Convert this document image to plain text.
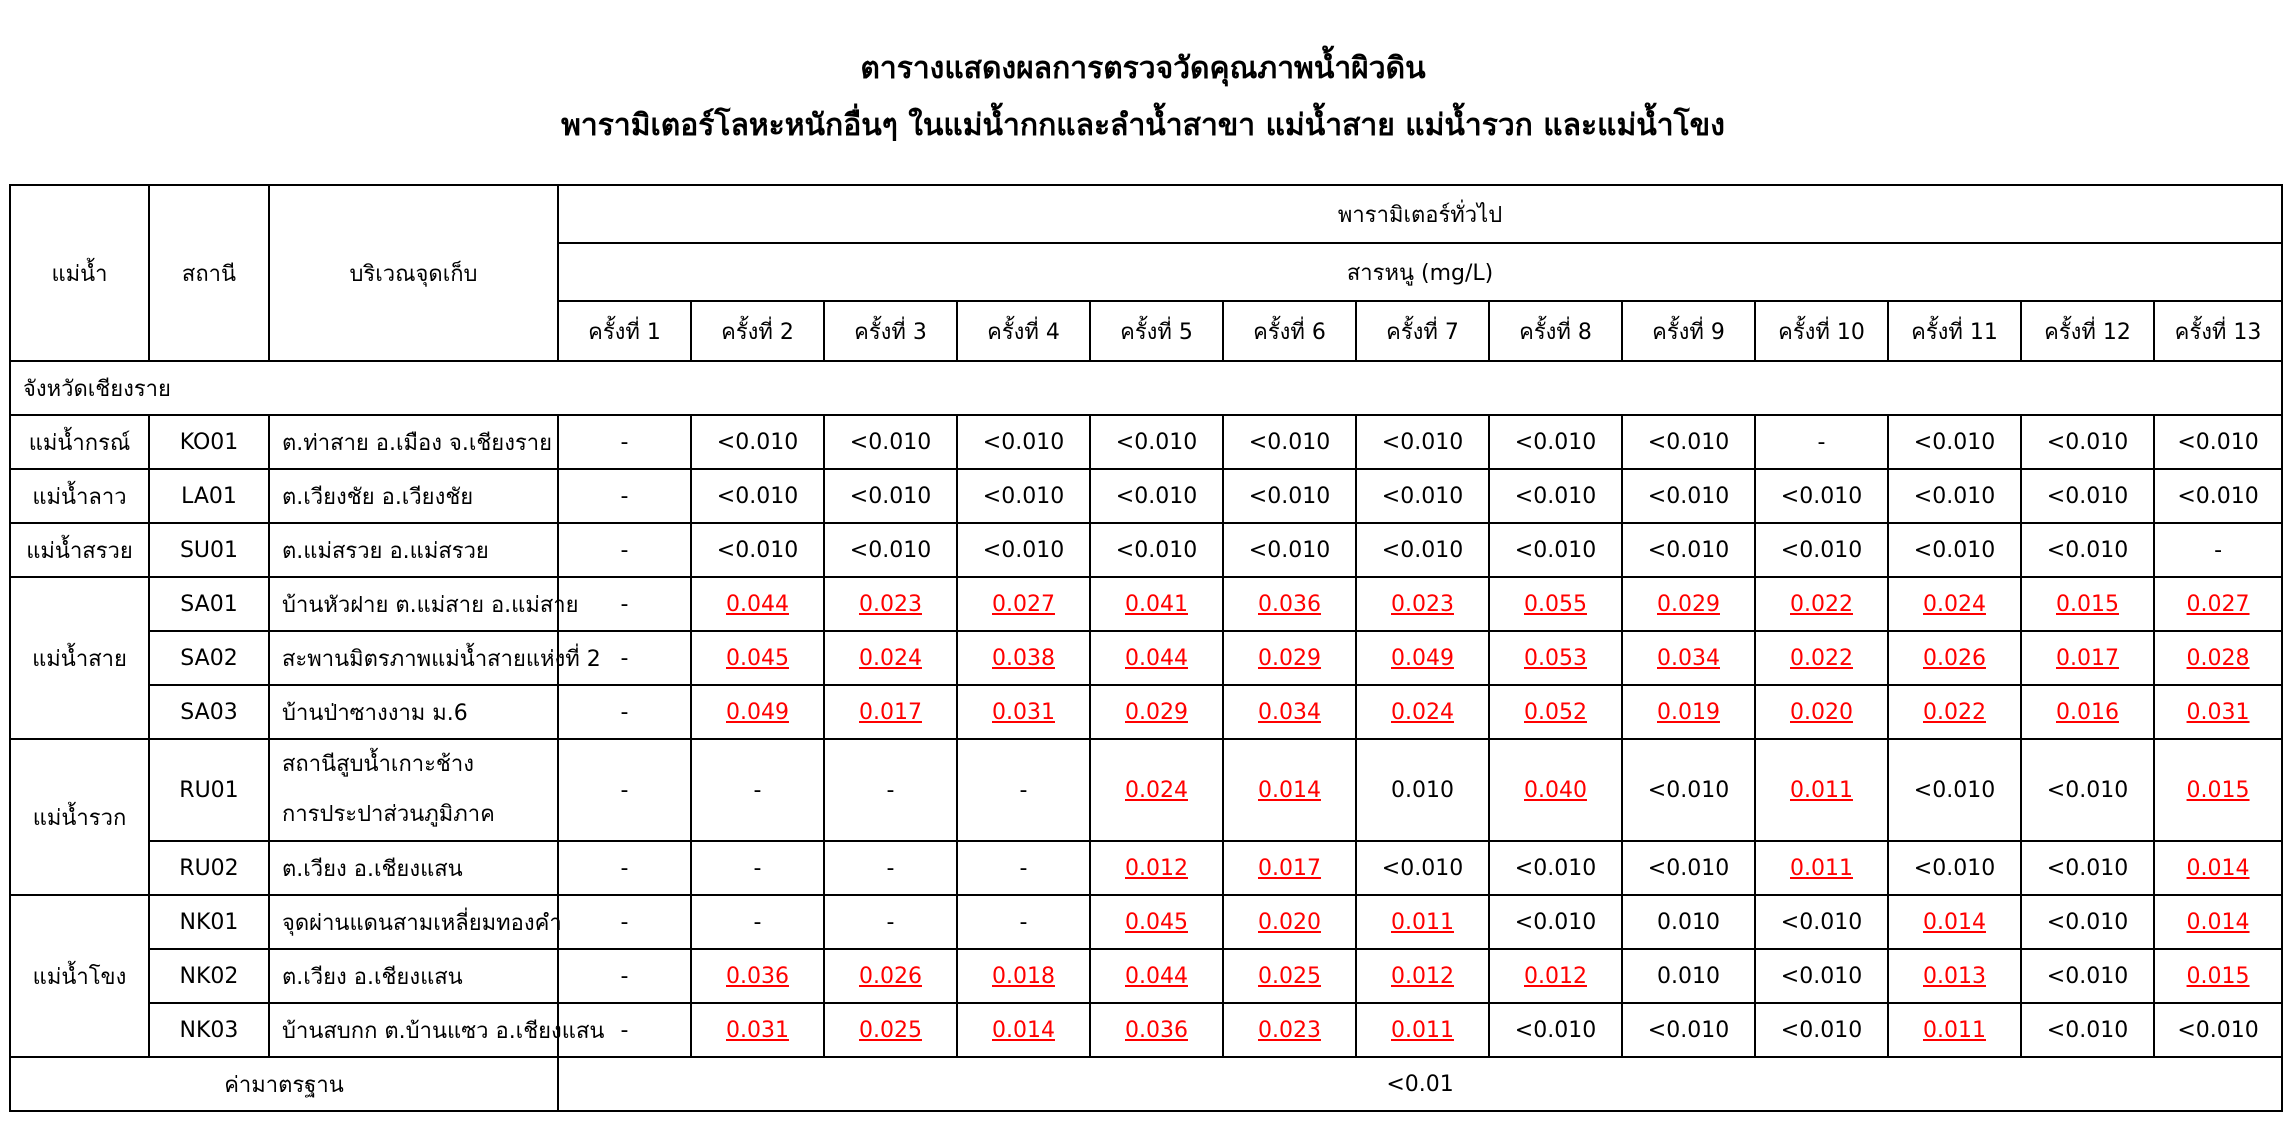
ตารางแสดงผลการตรวจวัดคุณภาพน้ำผิวดิน
พารามิเตอร์โลหะหนักอื่นๆ ในแม่น้ำกกและลำน้ำสาขา แม่น้ำสาย แม่น้ำรวก และแม่น้ำโขง
แม่น้ำ	สถานี	บริเวณจุดเก็บ	พารามิเตอร์ทั่วไป												
			สารหนู (mg/L)												
			ครั้งที่ 1	ครั้งที่ 2	ครั้งที่ 3	ครั้งที่ 4	ครั้งที่ 5	ครั้งที่ 6	ครั้งที่ 7	ครั้งที่ 8	ครั้งที่ 9	ครั้งที่ 10	ครั้งที่ 11	ครั้งที่ 12	ครั้งที่ 13
จังหวัดเชียงราย															
แม่น้ำกรณ์	KO01	ต.ท่าสาย อ.เมือง จ.เชียงราย	-	<0.010	<0.010	<0.010	<0.010	<0.010	<0.010	<0.010	<0.010	-	<0.010	<0.010	<0.010
แม่น้ำลาว	LA01	ต.เวียงชัย อ.เวียงชัย	-	<0.010	<0.010	<0.010	<0.010	<0.010	<0.010	<0.010	<0.010	<0.010	<0.010	<0.010	<0.010
แม่น้ำสรวย	SU01	ต.แม่สรวย อ.แม่สรวย	-	<0.010	<0.010	<0.010	<0.010	<0.010	<0.010	<0.010	<0.010	<0.010	<0.010	<0.010	-
แม่น้ำสาย	SA01	บ้านหัวฝาย ต.แม่สาย อ.แม่สาย	-	0.044	0.023	0.027	0.041	0.036	0.023	0.055	0.029	0.022	0.024	0.015	0.027
	SA02	สะพานมิตรภาพแม่น้ำสายแห่งที่ 2	-	0.045	0.024	0.038	0.044	0.029	0.049	0.053	0.034	0.022	0.026	0.017	0.028
	SA03	บ้านป่าซางงาม ม.6	-	0.049	0.017	0.031	0.029	0.034	0.024	0.052	0.019	0.020	0.022	0.016	0.031
แม่น้ำรวก	RU01	สถานีสูบน้ำเกาะช้าง
การประปาส่วนภูมิภาค	-	-	-	-	0.024	0.014	0.010	0.040	<0.010	0.011	<0.010	<0.010	0.015
	RU02	ต.เวียง อ.เชียงแสน	-	-	-	-	0.012	0.017	<0.010	<0.010	<0.010	0.011	<0.010	<0.010	0.014
แม่น้ำโขง	NK01	จุดผ่านแดนสามเหลี่ยมทองคำ	-	-	-	-	0.045	0.020	0.011	<0.010	0.010	<0.010	0.014	<0.010	0.014
	NK02	ต.เวียง อ.เชียงแสน	-	0.036	0.026	0.018	0.044	0.025	0.012	0.012	0.010	<0.010	0.013	<0.010	0.015
	NK03	บ้านสบกก ต.บ้านแซว อ.เชียงแสน	-	0.031	0.025	0.014	0.036	0.023	0.011	<0.010	<0.010	<0.010	0.011	<0.010	<0.010
ค่ามาตรฐาน			<0.01												
